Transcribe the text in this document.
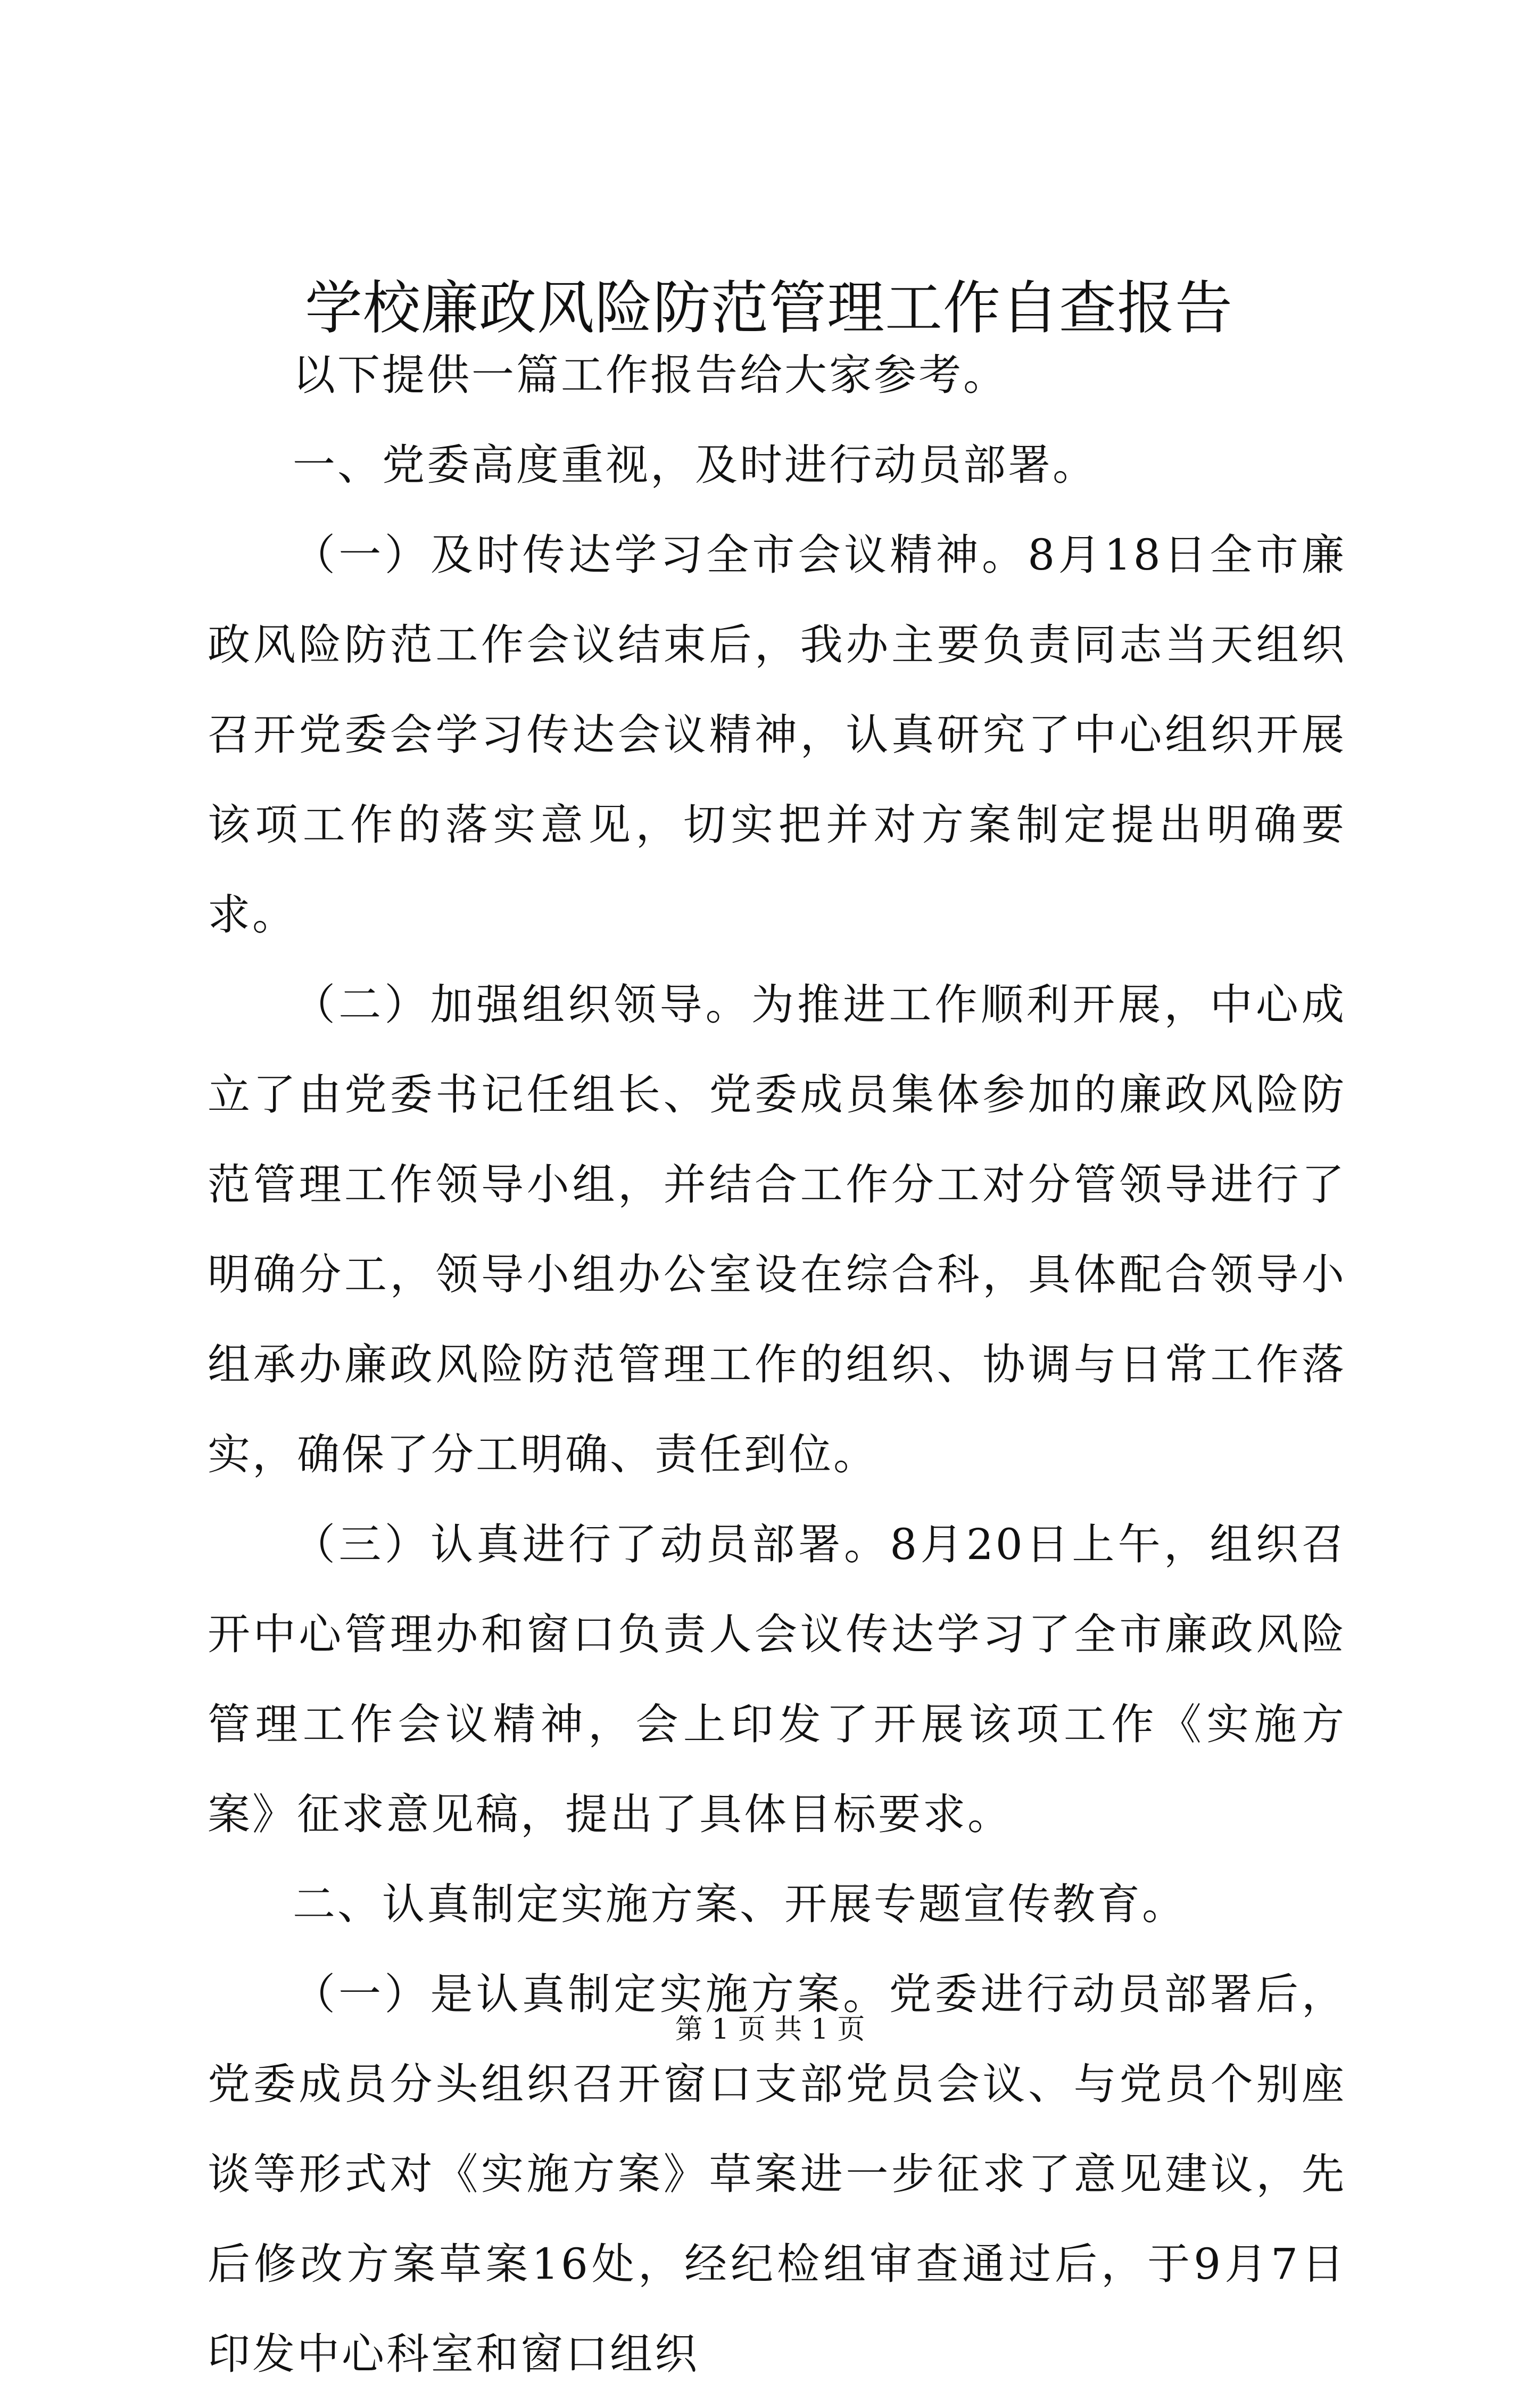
学校廉政风险防范管理工作自查报告

以下提供一篇工作报告给大家参考。

一、党委高度重视，及时进行动员部署。

（一）及时传达学习全市会议精神。8月18日全市廉政风险防范工作会议结束后，我办主要负责同志当天组织召开党委会学习传达会议精神，认真研究了中心组织开展该项工作的落实意见，切实把并对方案制定提出明确要求。

（二）加强组织领导。为推进工作顺利开展，中心成立了由党委书记任组长、党委成员集体参加的廉政风险防范管理工作领导小组，并结合工作分工对分管领导进行了明确分工，领导小组办公室设在综合科，具体配合领导小组承办廉政风险防范管理工作的组织、协调与日常工作落实，确保了分工明确、责任到位。

（三）认真进行了动员部署。8月20日上午，组织召开中心管理办和窗口负责人会议传达学习了全市廉政风险管理工作会议精神，会上印发了开展该项工作《实施方案》征求意见稿，提出了具体目标要求。

二、认真制定实施方案、开展专题宣传教育。

（一）是认真制定实施方案。党委进行动员部署后，党委成员分头组织召开窗口支部党员会议、与党员个别座谈等形式对《实施方案》草案进一步征求了意见建议，先后修改方案草案16处，经纪检组审查通过后，于9月7日印发中心科室和窗口组织

第 1 页 共 1 页
